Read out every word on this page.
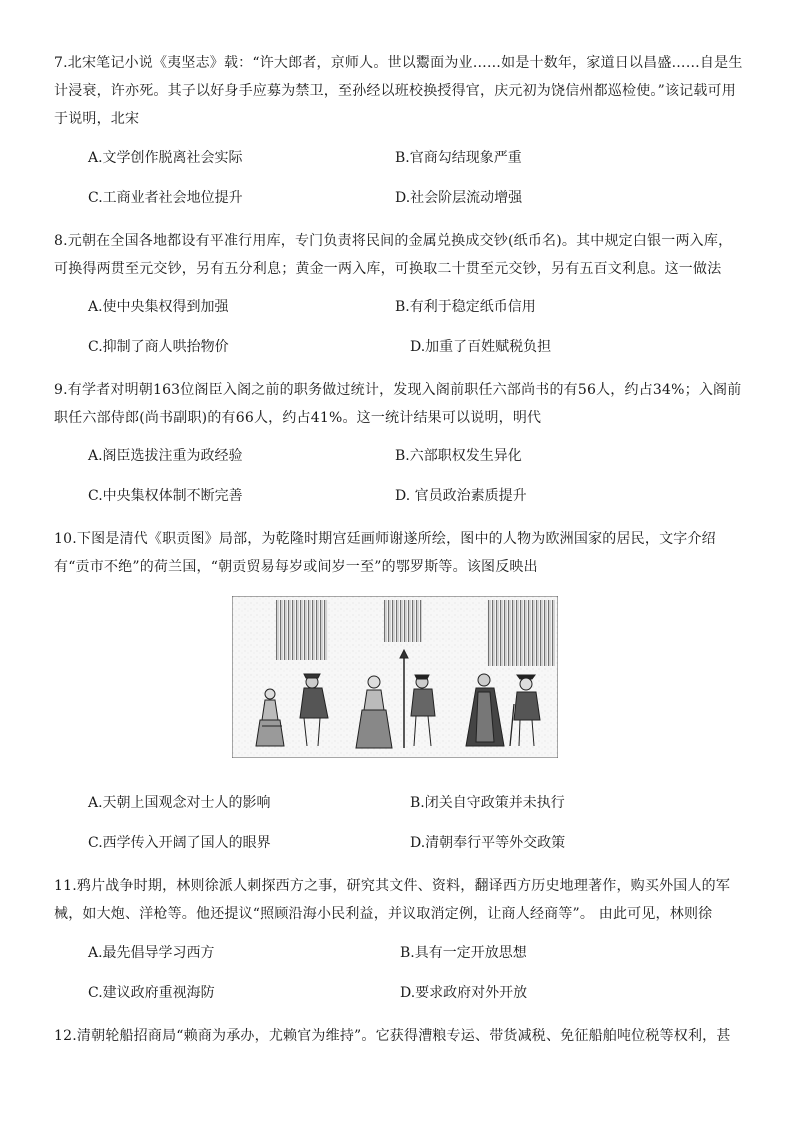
7.北宋笔记小说《夷坚志》载：“许大郎者，京师人。世以鬻面为业……如是十数年，家道日以昌盛……自是生计浸衰，许亦死。其子以好身手应募为禁卫，至孙经以班校换授得官，庆元初为饶信州都巡检使。”该记载可用于说明，北宋
A.文学创作脱离社会实际	B.官商勾结现象严重
C.工商业者社会地位提升	D.社会阶层流动增强
8.元朝在全国各地都设有平准行用库，专门负责将民间的金属兑换成交钞(纸币名)。其中规定白银一两入库，可换得两贯至元交钞，另有五分利息；黄金一两入库，可换取二十贯至元交钞，另有五百文利息。这一做法
A.使中央集权得到加强	B.有利于稳定纸币信用
C.抑制了商人哄抬物价	D.加重了百姓赋税负担
9.有学者对明朝163位阁臣入阁之前的职务做过统计，发现入阁前职任六部尚书的有56人，约占34%；入阁前职任六部侍郎(尚书副职)的有66人，约占41%。这一统计结果可以说明，明代
A.阁臣选拔注重为政经验	B.六部职权发生异化
C.中央集权体制不断完善	D. 官员政治素质提升
10.下图是清代《职贡图》局部，为乾隆时期宫廷画师谢遂所绘，图中的人物为欧洲国家的居民，文字介绍有“贡市不绝”的荷兰国，“朝贡贸易每岁或间岁一至”的鄂罗斯等。该图反映出
A.天朝上国观念对士人的影响	B.闭关自守政策并未执行
C.西学传入开阔了国人的眼界	D.清朝奉行平等外交政策
11.鸦片战争时期，林则徐派人刺探西方之事，研究其文件、资料，翻译西方历史地理著作，购买外国人的军械，如大炮、洋枪等。他还提议“照顾沿海小民利益，并议取消定例，让商人经商等”。 由此可见，林则徐
A.最先倡导学习西方	B.具有一定开放思想
C.建议政府重视海防	D.要求政府对外开放
12.清朝轮船招商局“赖商为承办，尤赖官为维持”。它获得漕粮专运、带货减税、免征船舶吨位税等权利，甚
